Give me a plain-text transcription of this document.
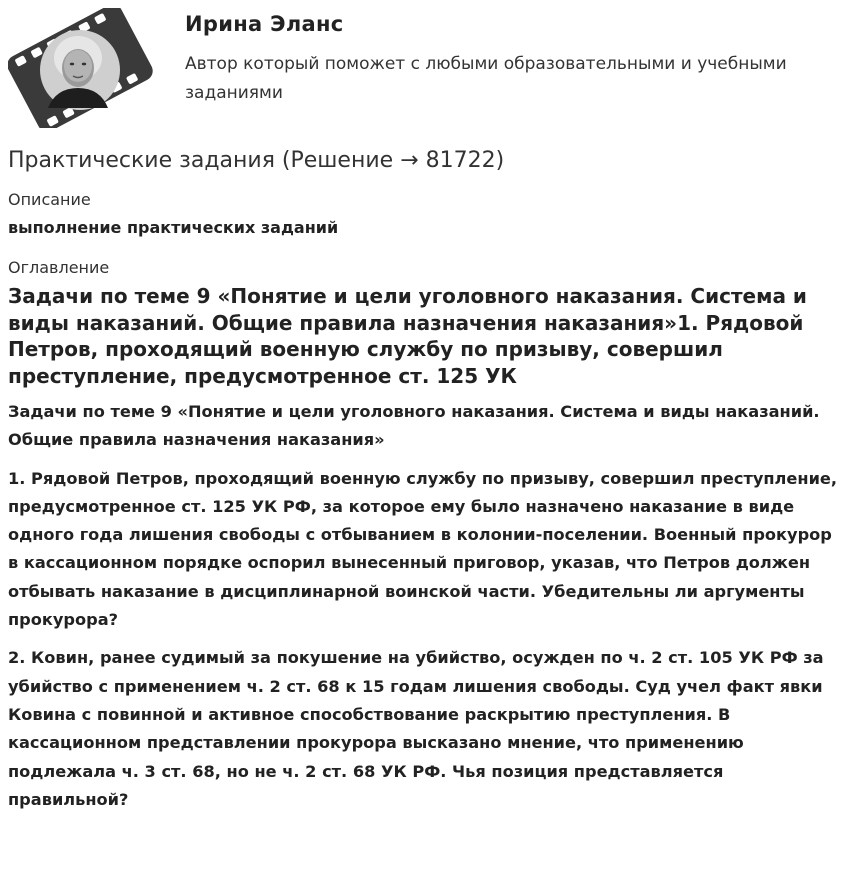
Ирина Эланс
Автор который поможет с любыми образовательными и учебными заданиями
Практические задания (Решение → 81722)
Описание
выполнение практических заданий
Оглавление
Задачи по теме 9 «Понятие и цели уголовного наказания. Система и виды наказаний. Общие правила назначения наказания»1. Рядовой Петров, проходящий военную службу по призыву, совершил преступление, предусмотренное ст. 125 УК

Задачи по теме 9 «Понятие и цели уголовного наказания. Система и виды наказаний. Общие правила назначения наказания»

1. Рядовой Петров, проходящий военную службу по призыву, совершил преступление, предусмотренное ст. 125 УК РФ, за которое ему было назначено наказание в виде одного года лишения свободы с отбыванием в колонии-поселении. Военный прокурор в кассационном порядке оспорил вынесенный приговор, указав, что Петров должен отбывать наказание в дисциплинарной воинской части. Убедительны ли аргументы прокурора?

2. Ковин, ранее судимый за покушение на убийство, осужден по ч. 2 ст. 105 УК РФ за убийство с применением ч. 2 ст. 68 к 15 годам лишения свободы. Суд учел факт явки Ковина с повинной и активное способствование раскрытию преступления. В кассационном представлении прокурора высказано мнение, что применению подлежала ч. 3 ст. 68, но не ч. 2 ст. 68 УК РФ. Чья позиция представляется правильной?
